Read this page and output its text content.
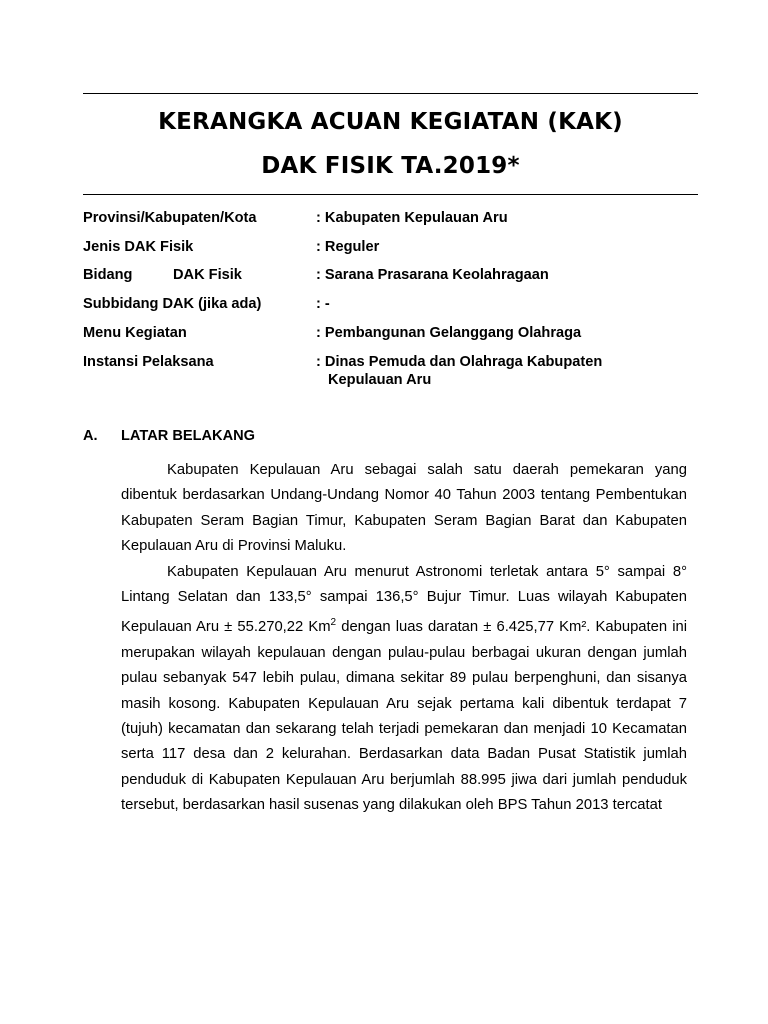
KERANGKA ACUAN KEGIATAN (KAK)
DAK FISIK TA.2019*
Provinsi/Kabupaten/Kota	: Kabupaten Kepulauan Aru
Jenis DAK Fisik	: Reguler
Bidang          DAK Fisik	: Sarana Prasarana Keolahragaan
Subbidang DAK (jika ada)	: -
Menu Kegiatan	: Pembangunan Gelanggang Olahraga
Instansi Pelaksana	: Dinas Pemuda dan Olahraga Kabupaten
Kepulauan Aru
A. LATAR BELAKANG

Kabupaten Kepulauan Aru sebagai salah satu daerah pemekaran yang dibentuk berdasarkan Undang-Undang Nomor 40 Tahun 2003 tentang Pembentukan Kabupaten Seram Bagian Timur, Kabupaten Seram Bagian Barat dan Kabupaten Kepulauan Aru di Provinsi Maluku.

Kabupaten Kepulauan Aru menurut Astronomi terletak antara 5° sampai 8° Lintang Selatan dan 133,5° sampai 136,5° Bujur Timur. Luas wilayah Kabupaten Kepulauan Aru ± 55.270,22 Km$^2$ dengan luas daratan ± 6.425,77 Km². Kabupaten ini merupakan wilayah kepulauan dengan pulau-pulau berbagai ukuran dengan jumlah pulau sebanyak 547 lebih pulau, dimana sekitar 89 pulau berpenghuni, dan sisanya masih kosong. Kabupaten Kepulauan Aru sejak pertama kali dibentuk terdapat 7 (tujuh) kecamatan dan sekarang telah terjadi pemekaran dan menjadi 10 Kecamatan serta 117 desa dan 2 kelurahan. Berdasarkan data Badan Pusat Statistik jumlah penduduk di Kabupaten Kepulauan Aru berjumlah 88.995 jiwa dari jumlah penduduk tersebut, berdasarkan hasil susenas yang dilakukan oleh BPS Tahun 2013 tercatat
